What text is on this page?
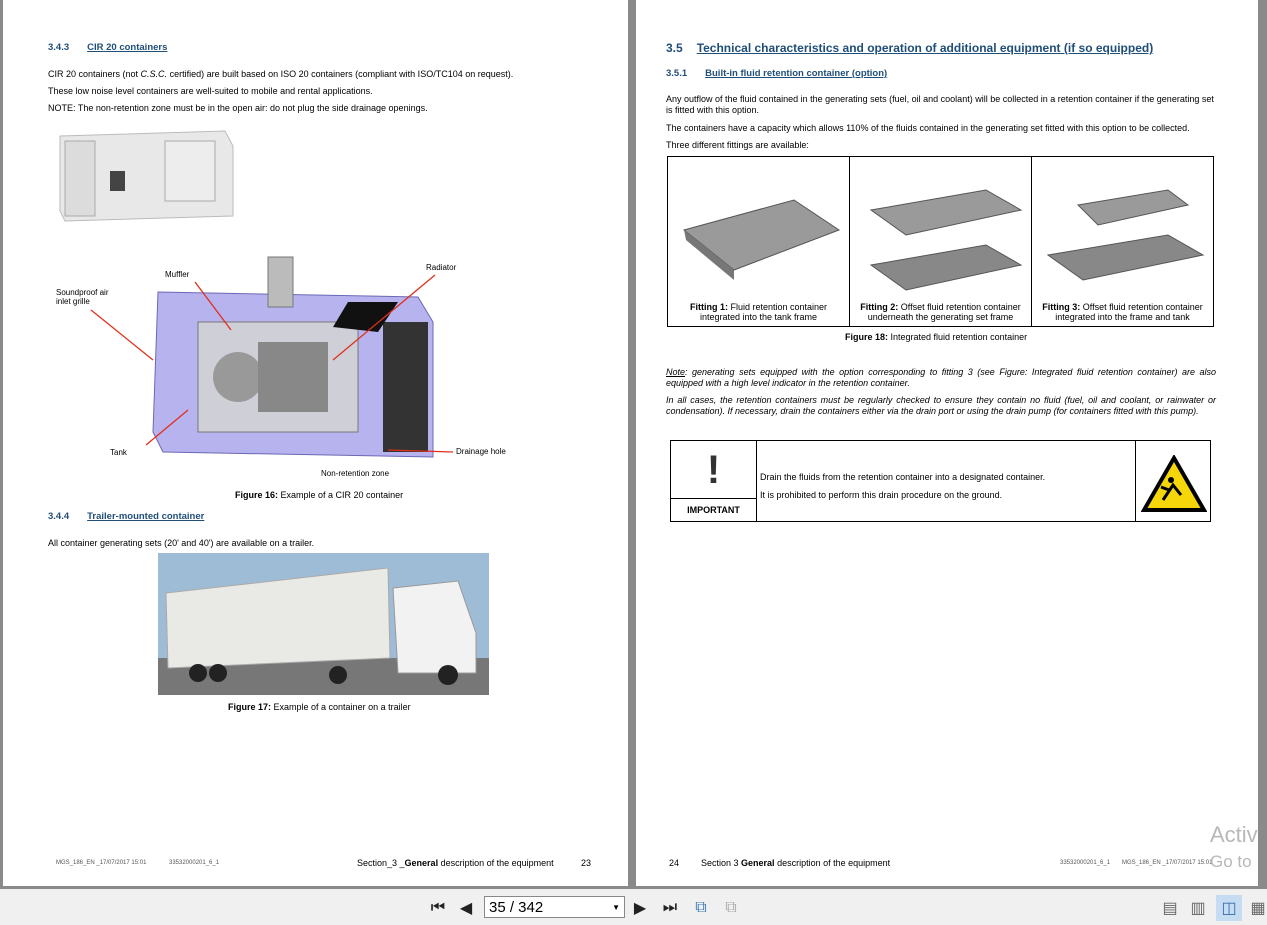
3.4.3 CIR 20 containers
CIR 20 containers (not C.S.C. certified) are built based on ISO 20 containers (compliant with ISO/TC104 on request).
These low noise level containers are well-suited to mobile and rental applications.
NOTE: The non-retention zone must be in the open air: do not plug the side drainage openings.
Muffler
Radiator
Soundproof air
inlet grille
Tank	Drainage hole
Non-retention zone
Figure 16: Example of a CIR 20 container
3.4.4 Trailer-mounted container
All container generating sets (20' and 40') are available on a trailer.
Figure 17: Example of a container on a trailer
MGS_186_EN _17/07/2017 15:01	33532000201_6_1	Section_3 _General description of the equipment	23
3.5 Technical characteristics and operation of additional equipment (if so equipped)
3.5.1 Built-in fluid retention container (option)
Any outflow of the fluid contained in the generating sets (fuel, oil and coolant) will be collected in a retention container if the generating set is fitted with this option.
The containers have a capacity which allows 110% of the fluids contained in the generating set fitted with this option to be collected.
Three different fittings are available:

Fitting 1: Fluid retention container integrated into the tank frame	
Fitting 2: Offset fluid retention container underneath the generating set frame	
Fitting 3: Offset fluid retention container integrated into the frame and tank
Figure 18: Integrated fluid retention container
Note: generating sets equipped with the option corresponding to fitting 3 (see Figure: Integrated fluid retention container) are also equipped with a high level indicator in the retention container.
In all cases, the retention containers must be regularly checked to ensure they contain no fluid (fuel, oil and coolant, or rainwater or condensation). If necessary, drain the containers either via the drain port or using the drain pump (for containers fitted with this pump).
!
IMPORTANT
Drain the fluids from the retention container into a designated container.
It is prohibited to perform this drain procedure on the ground.
24 Section 3 General description of the equipment	33532000201_6_1 MGS_186_EN _17/07/2017 15:01
Activ
Go to
⏮ ◀	35 / 342	▼ ▶ ⏭	⧉	⧉	▤ ▥ ◫ ▦
